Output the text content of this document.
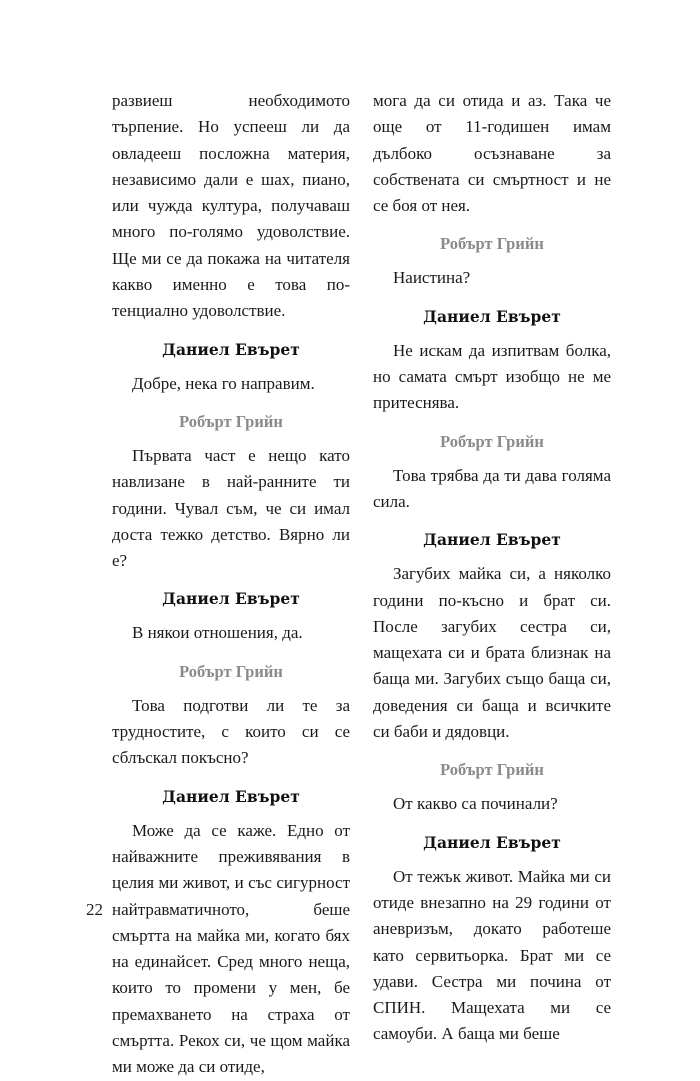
развиеш необходимото търпение. Но успееш ли да овладееш посложна материя, независимо дали е шах, пиано, или чужда култура, получаваш много по-голямо удоволствие. Ще ми се да покажа на читателя какво именно е това потенциално удоволствие.

Даниел Евърет

Добре, нека го направим.

Робърт Грийн

Първата част е нещо като навлизане в най-ранните ти години. Чувал съм, че си имал доста тежко детство. Вярно ли е?

Даниел Евърет

В някои отношения, да.

Робърт Грийн

Това подготви ли те за трудностите, с които си се сблъскал покъсно?

Даниел Евърет

Може да се каже. Едно от найважните преживявания в целия ми живот, и със сигурност найтравматичното, беше смъртта на майка ми, когато бях на единайсет. Сред много неща, които то промени у мен, бе премахването на страха от смъртта. Рекох си, че щом майка ми може да си отиде,

мога да си отида и аз. Така че още от 11-годишен имам дълбоко осъзнаване за собствената си смъртност и не се боя от нея.

Робърт Грийн

Наистина?

Даниел Евърет

Не искам да изпитвам болка, но самата смърт изобщо не ме притеснява.

Робърт Грийн

Това трябва да ти дава голяма сила.

Даниел Евърет

Загубих майка си, а няколко години по-късно и брат си. После загубих сестра си, мащехата си и брата близнак на баща ми. Загубих също баща си, доведения си баща и всичките си баби и дядовци.

Робърт Грийн

От какво са починали?

Даниел Евърет

От тежък живот. Майка ми си отиде внезапно на 29 години от аневризъм, докато работеше като сервитьорка. Брат ми се удави. Сестра ми почина от СПИН. Мащехата ми се самоуби. А баща ми беше

22
